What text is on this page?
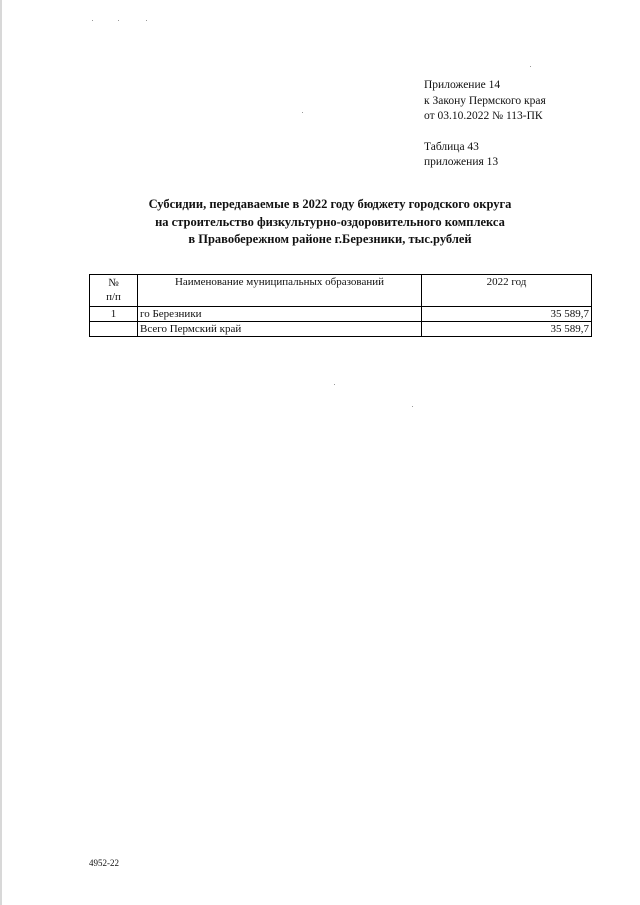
Приложение 14
к Закону Пермского края
от 03.10.2022 № 113-ПК
Таблица 43
приложения 13
Субсидии, передаваемые в 2022 году бюджету городского округа
на строительство физкультурно-оздоровительного комплекса
в Правобережном районе г.Березники, тыс.рублей
№
п/п	Наименование муниципальных образований	2022 год
1	го Березники	35 589,7
	Всего Пермский край	35 589,7
4952-22
